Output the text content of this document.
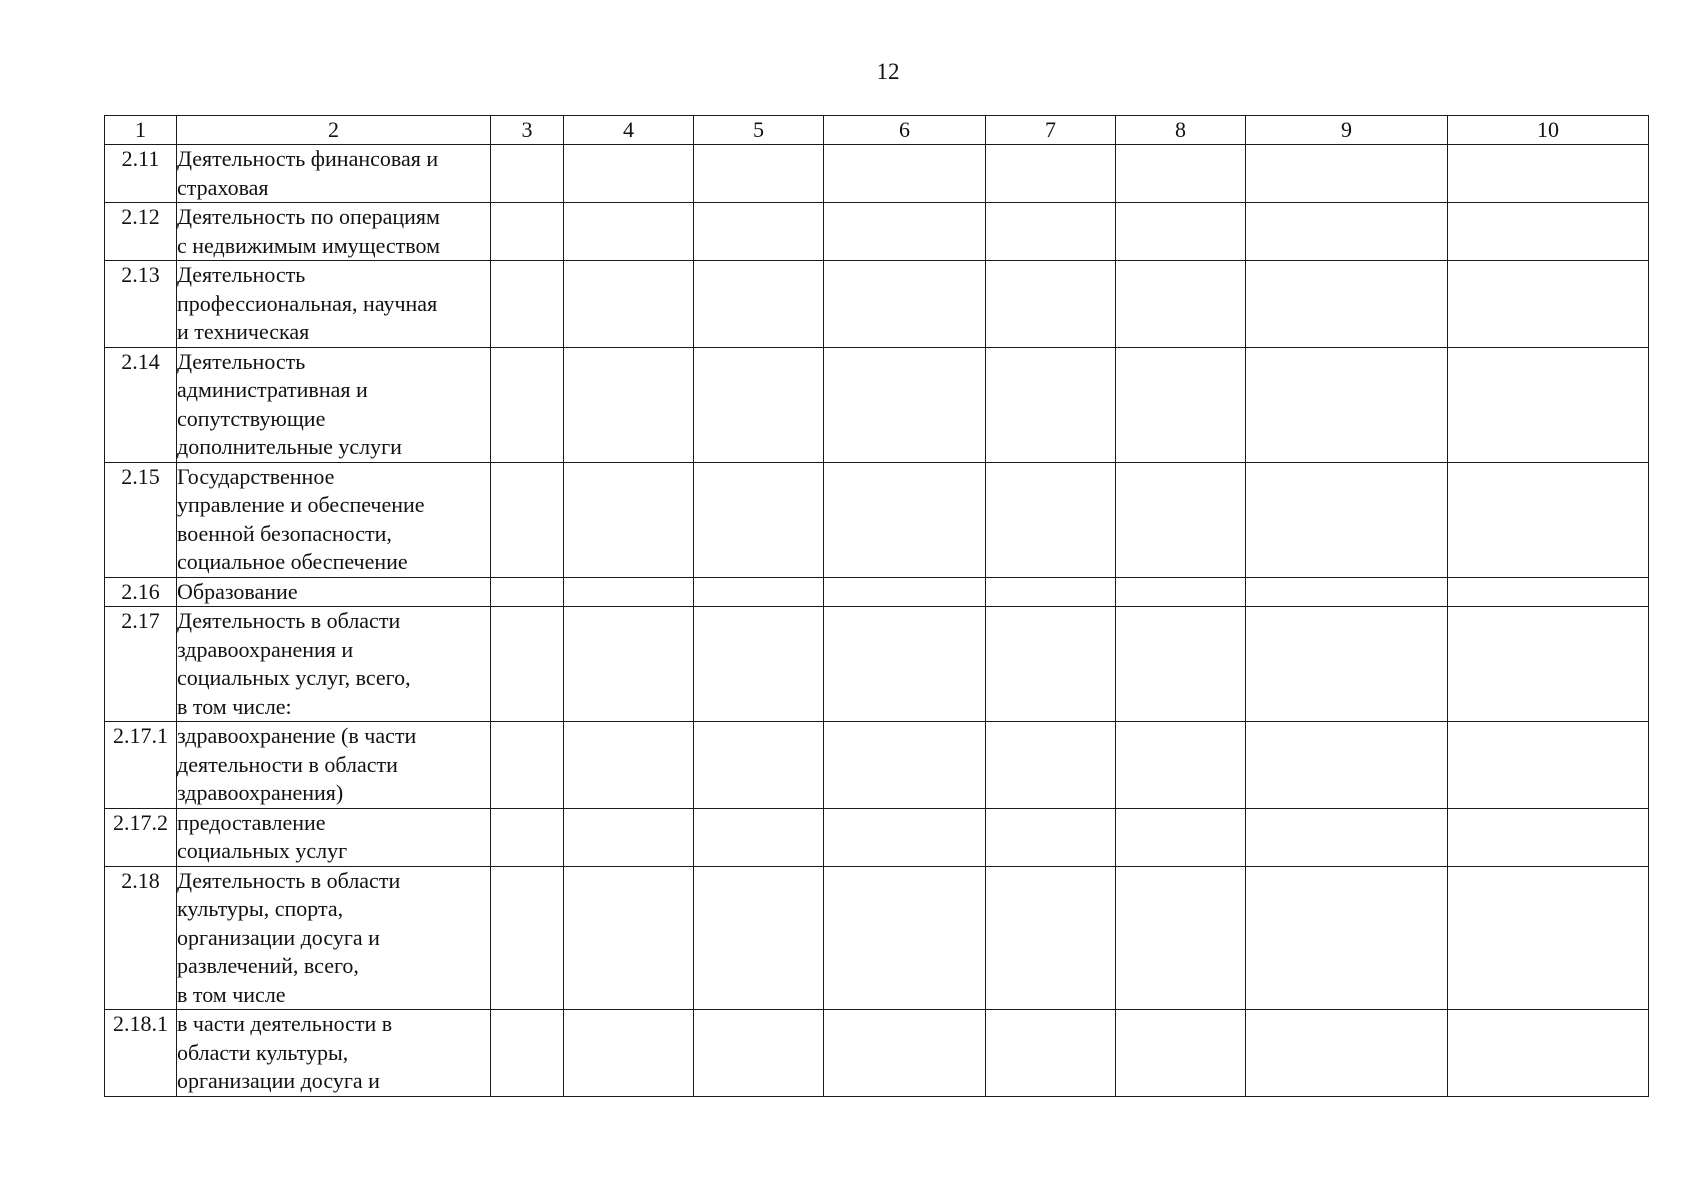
12
1	2	3	4	5	6	7	8	9	10
2.11	Деятельность финансовая и
страховая								
2.12	Деятельность по операциям
с недвижимым имуществом								
2.13	Деятельность
профессиональная, научная
и техническая								
2.14	Деятельность
административная и
сопутствующие
дополнительные услуги								
2.15	Государственное
управление и обеспечение
военной безопасности,
социальное обеспечение								
2.16	Образование								
2.17	Деятельность в области
здравоохранения и
социальных услуг, всего,
в том числе:								
2.17.1	здравоохранение (в части
деятельности в области
здравоохранения)								
2.17.2	предоставление
социальных услуг								
2.18	Деятельность в области
культуры, спорта,
организации досуга и
развлечений, всего,
в том числе								
2.18.1	в части деятельности в
области культуры,
организации досуга и								
